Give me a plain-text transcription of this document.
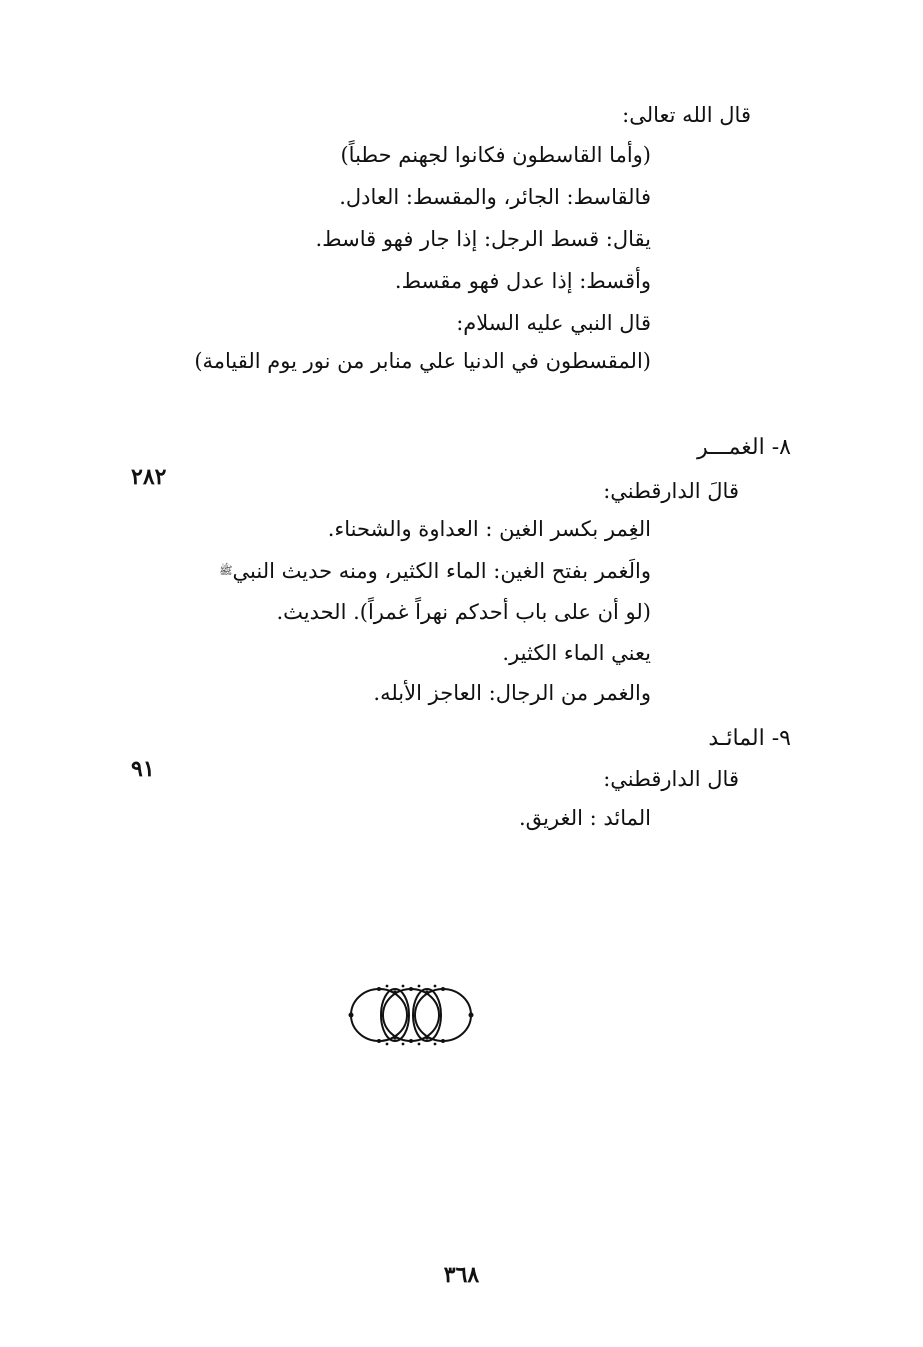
قال الله تعالى:
(وأما القاسطون فكانوا لجهنم حطباً)
فالقاسط: الجائر، والمقسط: العادل.
يقال: قسط الرجل: إذا جار فهو قاسط.
وأقسط: إذا عدل فهو مقسط.
قال النبي عليه السلام:
(المقسطون في الدنيا علي منابر من نور يوم القيامة)
٨- الغمـــر
٢٨٢
قالَ الدارقطني:
الغِمر بكسر الغين : العداوة والشحناء.
والَغمر بفتح الغين: الماء الكثير، ومنه حديث النبي$^ﷺ$
(لو أن على باب أحدكم نهراً غمراً). الحديث.
يعني الماء الكثير.
والغمر من الرجال: العاجز الأبله.
٩- المائـد
٩١	قال الدارقطني:
المائد : الغريق.
٣٦٨
